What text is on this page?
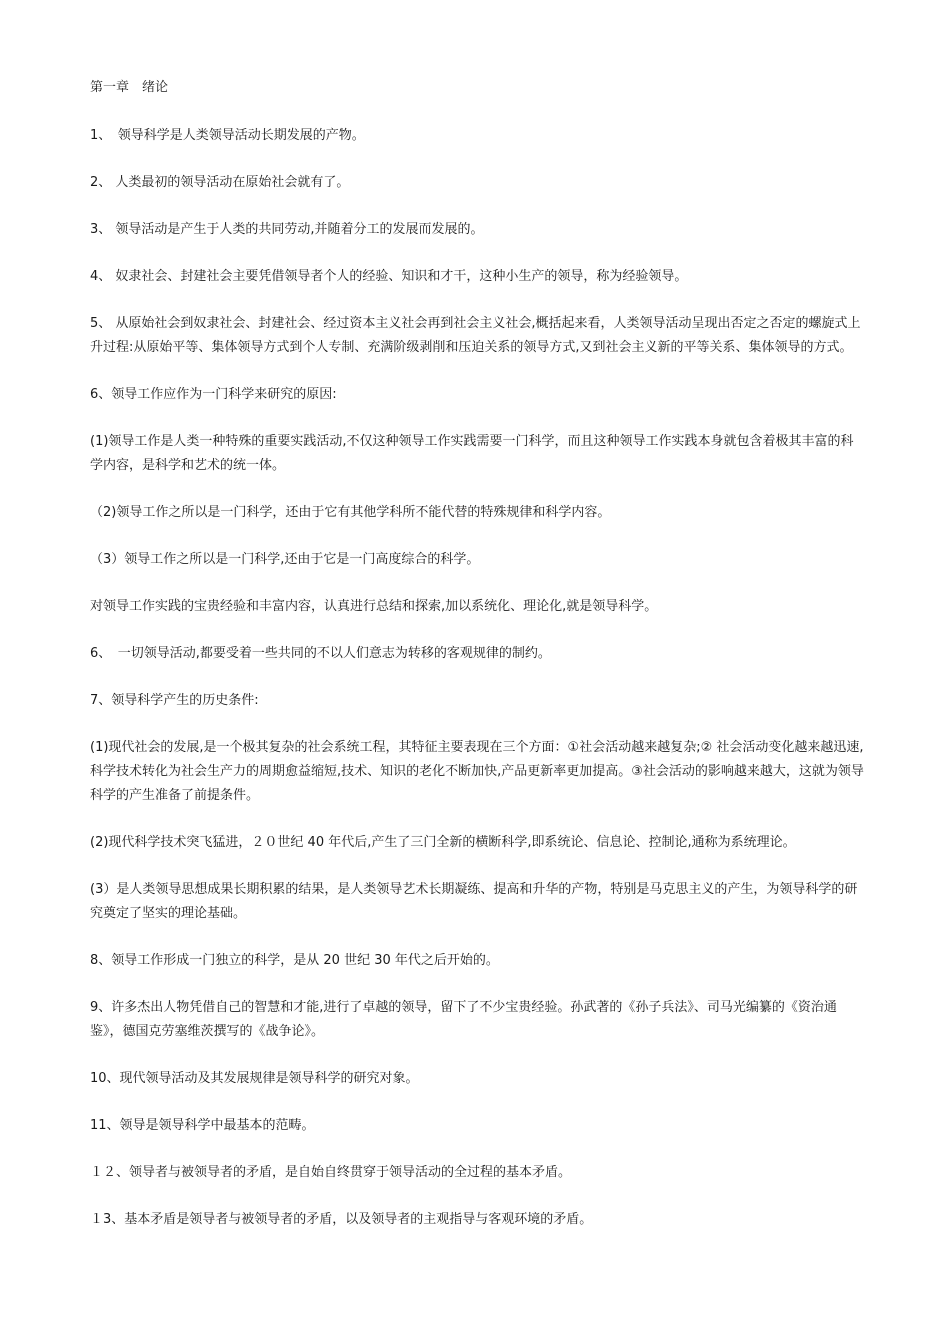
第一章　绪论

1、　领导科学是人类领导活动长期发展的产物。

2、 人类最初的领导活动在原始社会就有了。

3、 领导活动是产生于人类的共同劳动,并随着分工的发展而发展的。

4、 奴隶社会、封建社会主要凭借领导者个人的经验、知识和才干，这种小生产的领导，称为经验领导。

5、 从原始社会到奴隶社会、封建社会、经过资本主义社会再到社会主义社会,概括起来看，人类领导活动呈现出否定之否定的螺旋式上升过程:从原始平等、集体领导方式到个人专制、充满阶级剥削和压迫关系的领导方式,又到社会主义新的平等关系、集体领导的方式。

6、领导工作应作为一门科学来研究的原因:

(1)领导工作是人类一种特殊的重要实践活动,不仅这种领导工作实践需要一门科学，而且这种领导工作实践本身就包含着极其丰富的科学内容，是科学和艺术的统一体。

（2)领导工作之所以是一门科学，还由于它有其他学科所不能代替的特殊规律和科学内容。

（3）领导工作之所以是一门科学,还由于它是一门高度综合的科学。

对领导工作实践的宝贵经验和丰富内容，认真进行总结和探索,加以系统化、理论化,就是领导科学。

6、　一切领导活动,都要受着一些共同的不以人们意志为转移的客观规律的制约。

7、领导科学产生的历史条件:

(1)现代社会的发展,是一个极其复杂的社会系统工程，其特征主要表现在三个方面：①社会活动越来越复杂;② 社会活动变化越来越迅速,科学技术转化为社会生产力的周期愈益缩短,技术、知识的老化不断加快,产品更新率更加提高。③社会活动的影响越来越大，这就为领导科学的产生准备了前提条件。

(2)现代科学技术突飞猛进，２０世纪 40 年代后,产生了三门全新的横断科学,即系统论、信息论、控制论,通称为系统理论。

(3）是人类领导思想成果长期积累的结果，是人类领导艺术长期凝练、提高和升华的产物，特别是马克思主义的产生，为领导科学的研究奠定了坚实的理论基础。

8、领导工作形成一门独立的科学，是从 20 世纪 30 年代之后开始的。

9、许多杰出人物凭借自己的智慧和才能,进行了卓越的领导，留下了不少宝贵经验。孙武著的《孙子兵法》、司马光编纂的《资治通鉴》，德国克劳塞维茨撰写的《战争论》。

10、现代领导活动及其发展规律是领导科学的研究对象。

11、领导是领导科学中最基本的范畴。

１２、领导者与被领导者的矛盾，是自始自终贯穿于领导活动的全过程的基本矛盾。

１3、基本矛盾是领导者与被领导者的矛盾，以及领导者的主观指导与客观环境的矛盾。
